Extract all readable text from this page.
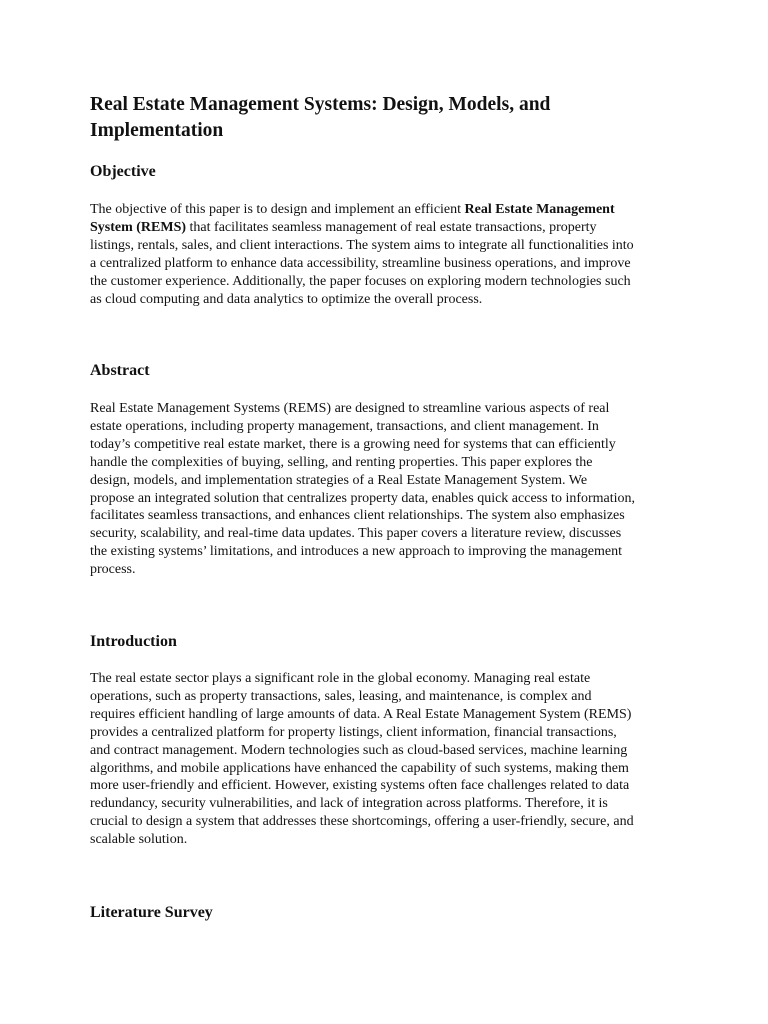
Real Estate Management Systems: Design, Models, and
Implementation
Objective

The objective of this paper is to design and implement an efficient Real Estate Management
System (REMS) that facilitates seamless management of real estate transactions, property
listings, rentals, sales, and client interactions. The system aims to integrate all functionalities into
a centralized platform to enhance data accessibility, streamline business operations, and improve
the customer experience. Additionally, the paper focuses on exploring modern technologies such
as cloud computing and data analytics to optimize the overall process.

Abstract

Real Estate Management Systems (REMS) are designed to streamline various aspects of real
estate operations, including property management, transactions, and client management. In
today’s competitive real estate market, there is a growing need for systems that can efficiently
handle the complexities of buying, selling, and renting properties. This paper explores the
design, models, and implementation strategies of a Real Estate Management System. We
propose an integrated solution that centralizes property data, enables quick access to information,
facilitates seamless transactions, and enhances client relationships. The system also emphasizes
security, scalability, and real-time data updates. This paper covers a literature review, discusses
the existing systems’ limitations, and introduces a new approach to improving the management
process.

Introduction

The real estate sector plays a significant role in the global economy. Managing real estate
operations, such as property transactions, sales, leasing, and maintenance, is complex and
requires efficient handling of large amounts of data. A Real Estate Management System (REMS)
provides a centralized platform for property listings, client information, financial transactions,
and contract management. Modern technologies such as cloud-based services, machine learning
algorithms, and mobile applications have enhanced the capability of such systems, making them
more user-friendly and efficient. However, existing systems often face challenges related to data
redundancy, security vulnerabilities, and lack of integration across platforms. Therefore, it is
crucial to design a system that addresses these shortcomings, offering a user-friendly, secure, and
scalable solution.

Literature Survey
